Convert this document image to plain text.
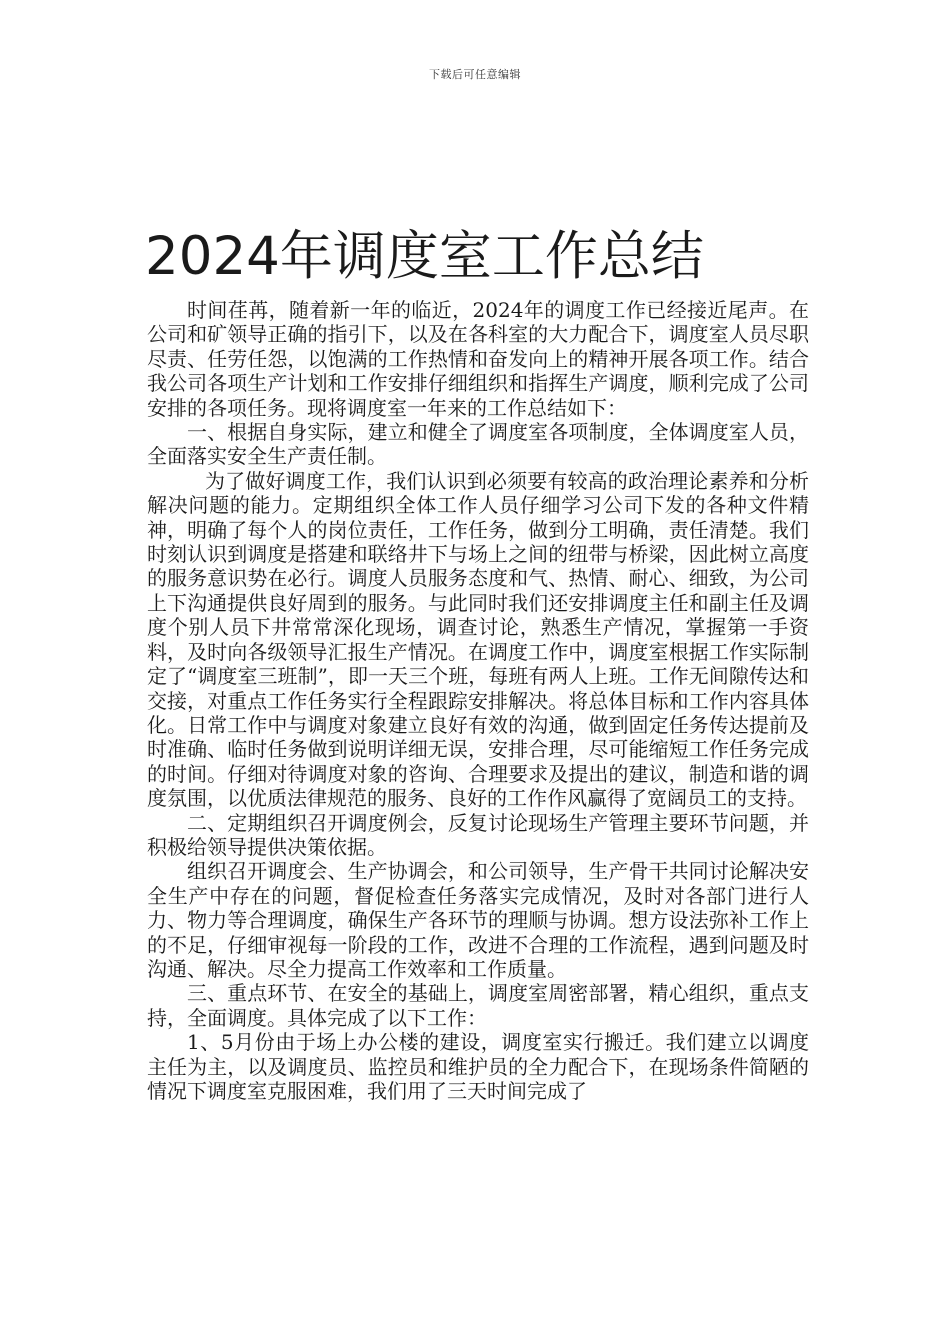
下载后可任意编辑
2024年调度室工作总结

时间荏苒，随着新一年的临近，2024年的调度工作已经接近尾声。在公司和矿领导正确的指引下，以及在各科室的大力配合下，调度室人员尽职尽责、任劳任怨，以饱满的工作热情和奋发向上的精神开展各项工作。结合我公司各项生产计划和工作安排仔细组织和指挥生产调度，顺利完成了公司安排的各项任务。现将调度室一年来的工作总结如下：

一、根据自身实际，建立和健全了调度室各项制度，全体调度室人员，全面落实安全生产责任制。

为了做好调度工作，我们认识到必须要有较高的政治理论素养和分析解决问题的能力。定期组织全体工作人员仔细学习公司下发的各种文件精神，明确了每个人的岗位责任，工作任务，做到分工明确，责任清楚。我们时刻认识到调度是搭建和联络井下与场上之间的纽带与桥梁，因此树立高度的服务意识势在必行。调度人员服务态度和气、热情、耐心、细致，为公司上下沟通提供良好周到的服务。与此同时我们还安排调度主任和副主任及调度个别人员下井常常深化现场，调查讨论，熟悉生产情况，掌握第一手资料，及时向各级领导汇报生产情况。在调度工作中，调度室根据工作实际制定了“调度室三班制”，即一天三个班，每班有两人上班。工作无间隙传达和交接，对重点工作任务实行全程跟踪安排解决。将总体目标和工作内容具体化。日常工作中与调度对象建立良好有效的沟通，做到固定任务传达提前及时准确、临时任务做到说明详细无误，安排合理，尽可能缩短工作任务完成的时间。仔细对待调度对象的咨询、合理要求及提出的建议，制造和谐的调度氛围，以优质法律规范的服务、良好的工作作风赢得了宽阔员工的支持。

二、定期组织召开调度例会，反复讨论现场生产管理主要环节问题，并积极给领导提供决策依据。

组织召开调度会、生产协调会，和公司领导，生产骨干共同讨论解决安全生产中存在的问题，督促检查任务落实完成情况，及时对各部门进行人力、物力等合理调度，确保生产各环节的理顺与协调。想方设法弥补工作上的不足，仔细审视每一阶段的工作，改进不合理的工作流程，遇到问题及时沟通、解决。尽全力提高工作效率和工作质量。

三、重点环节、在安全的基础上，调度室周密部署，精心组织，重点支持，全面调度。具体完成了以下工作：

1、5月份由于场上办公楼的建设，调度室实行搬迁。我们建立以调度主任为主，以及调度员、监控员和维护员的全力配合下，在现场条件简陋的情况下调度室克服困难，我们用了三天时间完成了
